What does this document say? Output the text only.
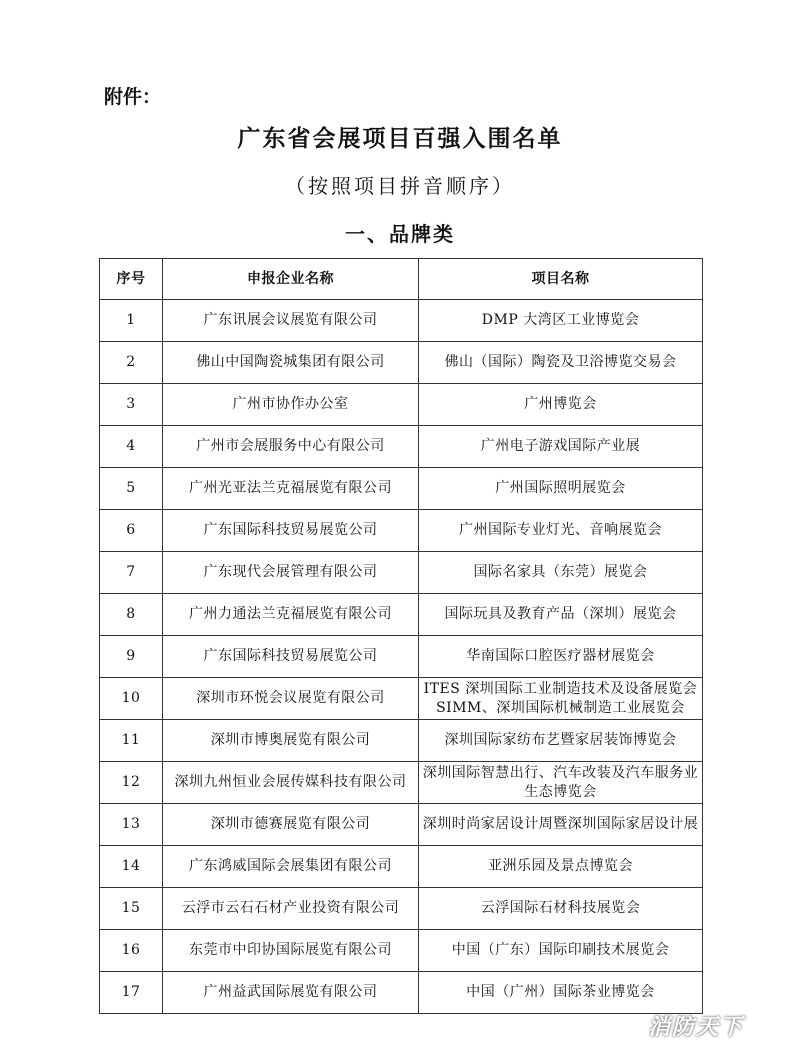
附件：
广东省会展项目百强入围名单
（按照项目拼音顺序）
一、品牌类
序号	申报企业名称	项目名称
1	广东讯展会议展览有限公司	DMP 大湾区工业博览会
2	佛山中国陶瓷城集团有限公司	佛山（国际）陶瓷及卫浴博览交易会
3	广州市协作办公室	广州博览会
4	广州市会展服务中心有限公司	广州电子游戏国际产业展
5	广州光亚法兰克福展览有限公司	广州国际照明展览会
6	广东国际科技贸易展览公司	广州国际专业灯光、音响展览会
7	广东现代会展管理有限公司	国际名家具（东莞）展览会
8	广州力通法兰克福展览有限公司	国际玩具及教育产品（深圳）展览会
9	广东国际科技贸易展览公司	华南国际口腔医疗器材展览会
10	深圳市环悦会议展览有限公司	ITES 深圳国际工业制造技术及设备展览会 SIMM、深圳国际机械制造工业展览会
11	深圳市博奥展览有限公司	深圳国际家纺布艺暨家居装饰博览会
12	深圳九州恒业会展传媒科技有限公司	深圳国际智慧出行、汽车改装及汽车服务业生态博览会
13	深圳市德赛展览有限公司	深圳时尚家居设计周暨深圳国际家居设计展
14	广东鸿威国际会展集团有限公司	亚洲乐园及景点博览会
15	云浮市云石石材产业投资有限公司	云浮国际石材科技展览会
16	东莞市中印协国际展览有限公司	中国（广东）国际印刷技术展览会
17	广州益武国际展览有限公司	中国（广州）国际茶业博览会
消防天下
